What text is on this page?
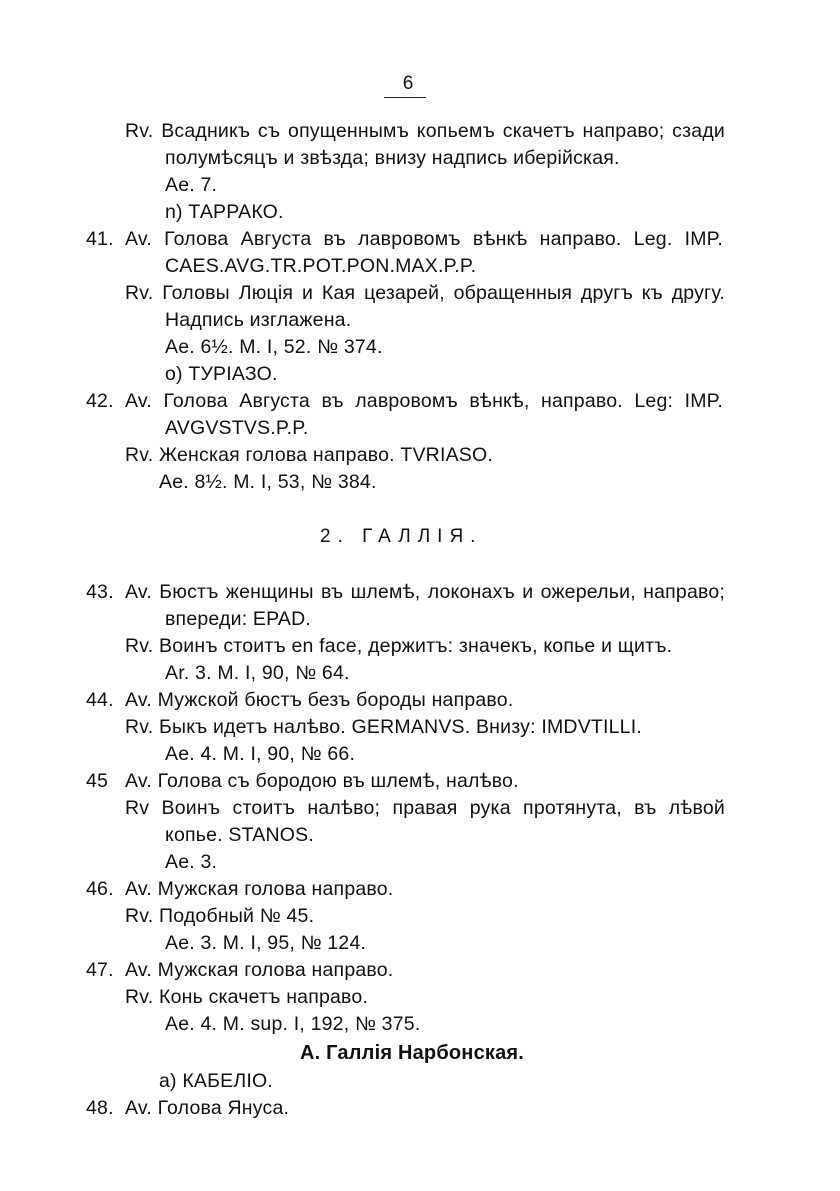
6
Rv. Всадникъ съ опущеннымъ копьемъ скачетъ направо; сзади
полумѣсяцъ и звѣзда; внизу надпись иберійская.
Ae. 7.
n) ТАРРАКО.
41. Av. Голова Августа въ лавровомъ вѣнкѣ направо. Leg. IMP.
CAES.AVG.TR.POT.PON.MAX.P.P.
Rv. Головы Люція и Кая цезарей, обращенныя другъ къ другу.
Надпись изглажена.
Ae. 6½. M. I, 52. № 374.
o) ТУРІАЗО.
42. Av. Голова Августа въ лавровомъ вѣнкѣ, направо. Leg: IMP.
AVGVSTVS.P.P.
Rv. Женская голова направо. TVRIASO.
Ae. 8½. M. I, 53, № 384.
2. ГАЛЛІЯ.
43. Av. Бюстъ женщины въ шлемѣ, локонахъ и ожерельи, направо;
впереди: EPAD.
Rv. Воинъ стоитъ en face, держитъ: значекъ, копье и щитъ.
Ar. 3. M. I, 90, № 64.
44. Av. Мужской бюстъ безъ бороды направо.
Rv. Быкъ идетъ налѣво. GERMANVS. Внизу: IMDVTILLI.
Ae. 4. M. I, 90, № 66.
45 Av. Голова съ бородою въ шлемѣ, налѣво.
Rv Воинъ стоитъ налѣво; правая рука протянута, въ лѣвой
копье. STANOS.
Ae. 3.
46. Av. Мужская голова направо.
Rv. Подобный № 45.
Ae. 3. M. I, 95, № 124.
47. Av. Мужская голова направо.
Rv. Конь скачетъ направо.
Ae. 4. M. sup. I, 192, № 375.
A. Галлія Нарбонская.
a) КАБЕЛІО.
48. Av. Голова Януса.
